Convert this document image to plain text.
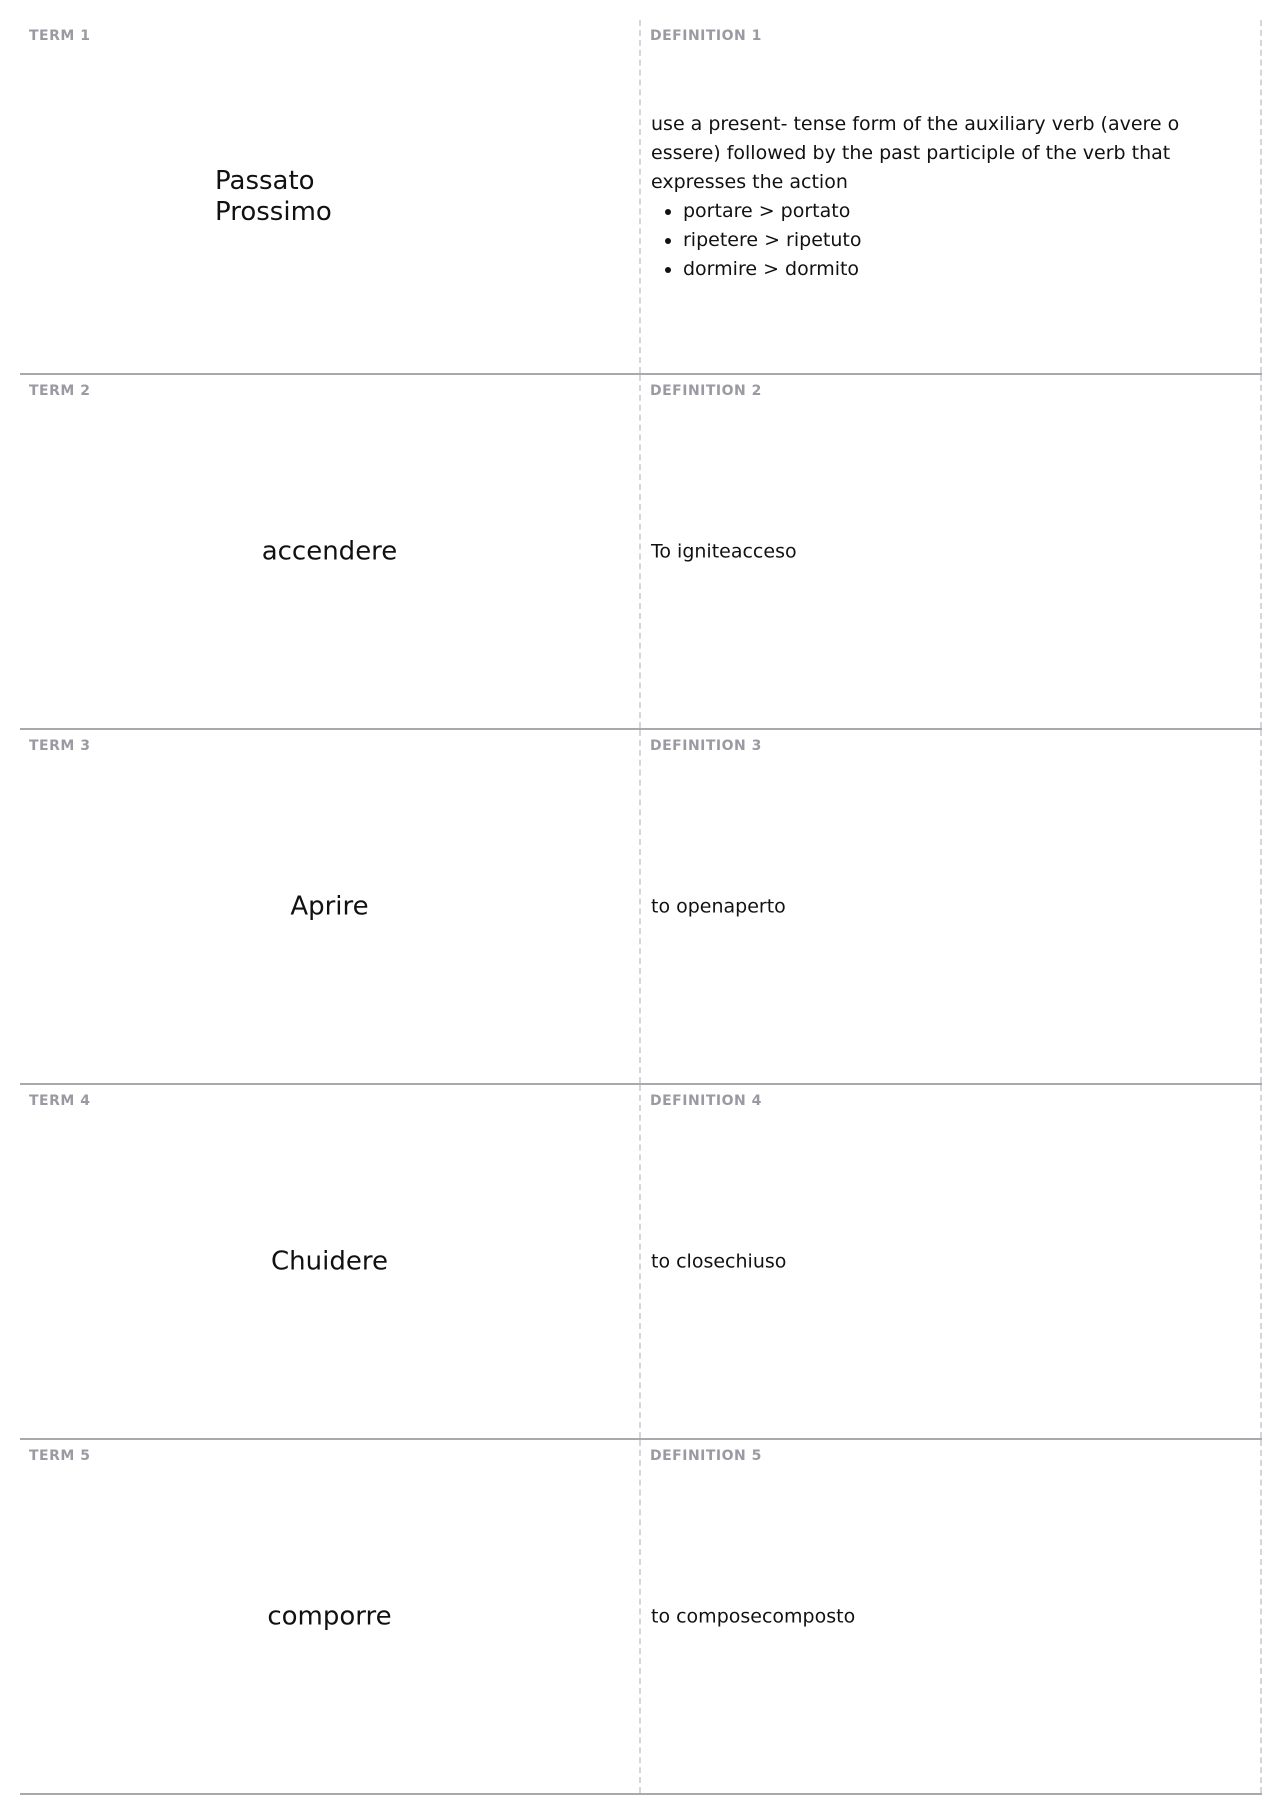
TERM 1
Passato Prossimo
DEFINITION 1
use a present- tense form of the auxiliary verb (avere o essere) followed by the past participle of the verb that expresses the action
• portare > portato
• ripetere > ripetuto
• dormire > dormito
TERM 2
accendere
DEFINITION 2
To igniteacceso
TERM 3
Aprire
DEFINITION 3
to openaperto
TERM 4
Chuidere
DEFINITION 4
to closechiuso
TERM 5
comporre
DEFINITION 5
to composecomposto
